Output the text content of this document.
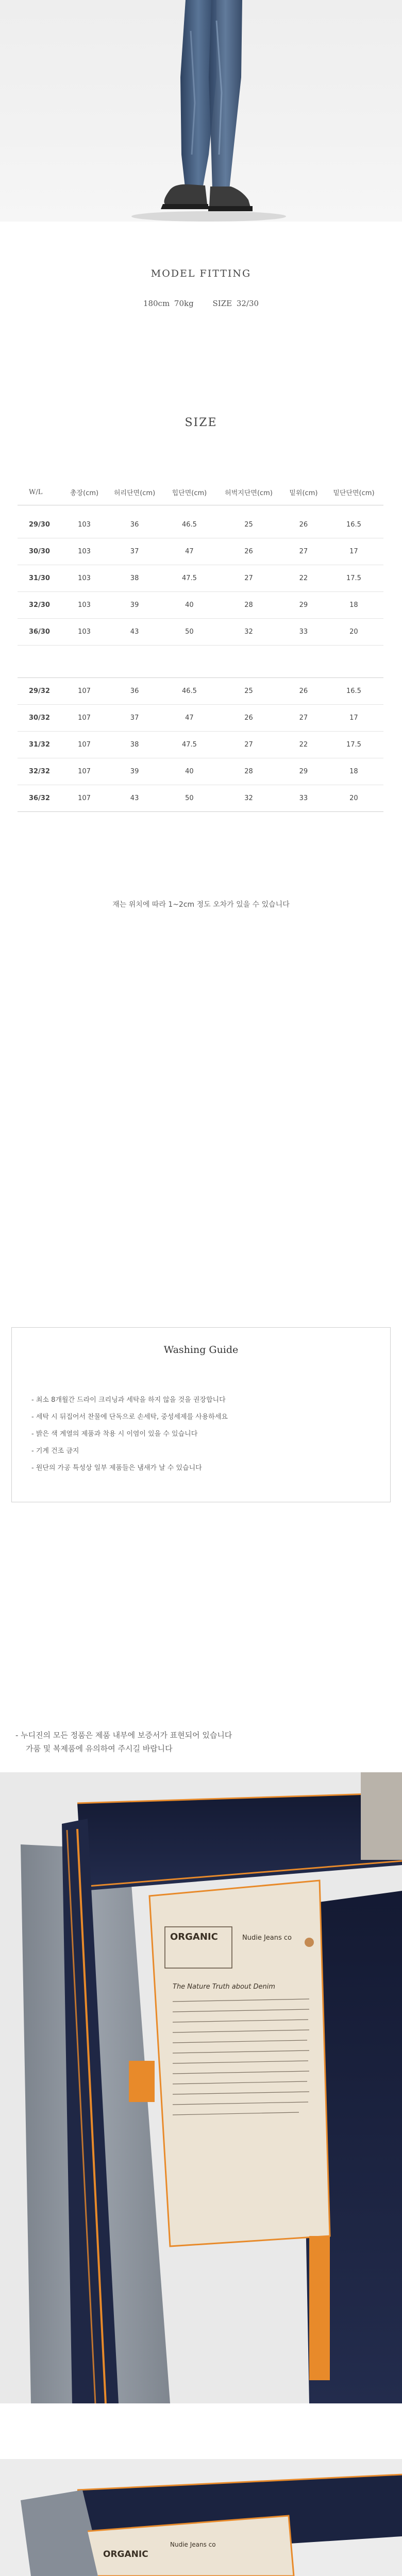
MODEL FITTING
180cm 70kg SIZE 32/30
SIZE
W/L	총장(cm)	허리단면(cm)	힙단면(cm)	허벅지단면(cm)	밑위(cm)	밑단단면(cm)

29/30	103	36	46.5	25	26	16.5
30/30	103	37	47	26	27	17
31/30	103	38	47.5	27	22	17.5
32/30	103	39	40	28	29	18
36/30	103	43	50	32	33	20

29/32	107	36	46.5	25	26	16.5
30/32	107	37	47	26	27	17
31/32	107	38	47.5	27	22	17.5
32/32	107	39	40	28	29	18
36/32	107	43	50	32	33	20
재는 위치에 따라 1~2cm 정도 오차가 있을 수 있습니다
Washing Guide
- 최소 8개월간 드라이 크리닝과 세탁을 하지 않을 것을 권장합니다
- 세탁 시 뒤집어서 찬물에 단독으로 손세탁, 중성세제를 사용하세요
- 밝은 색 계열의 제품과 착용 시 이염이 있을 수 있습니다
- 기계 건조 금지
- 원단의 가공 특성상 일부 제품들은 냄새가 날 수 있습니다
- 누디진의 모든 정품은 제품 내부에 보증서가 표현되어 있습니다
가품 및 복제품에 유의하여 주시길 바랍니다
ORGANIC	Nudie Jeans co
The Nature Truth about Denim
ORGANIC
Nudie Jeans co
